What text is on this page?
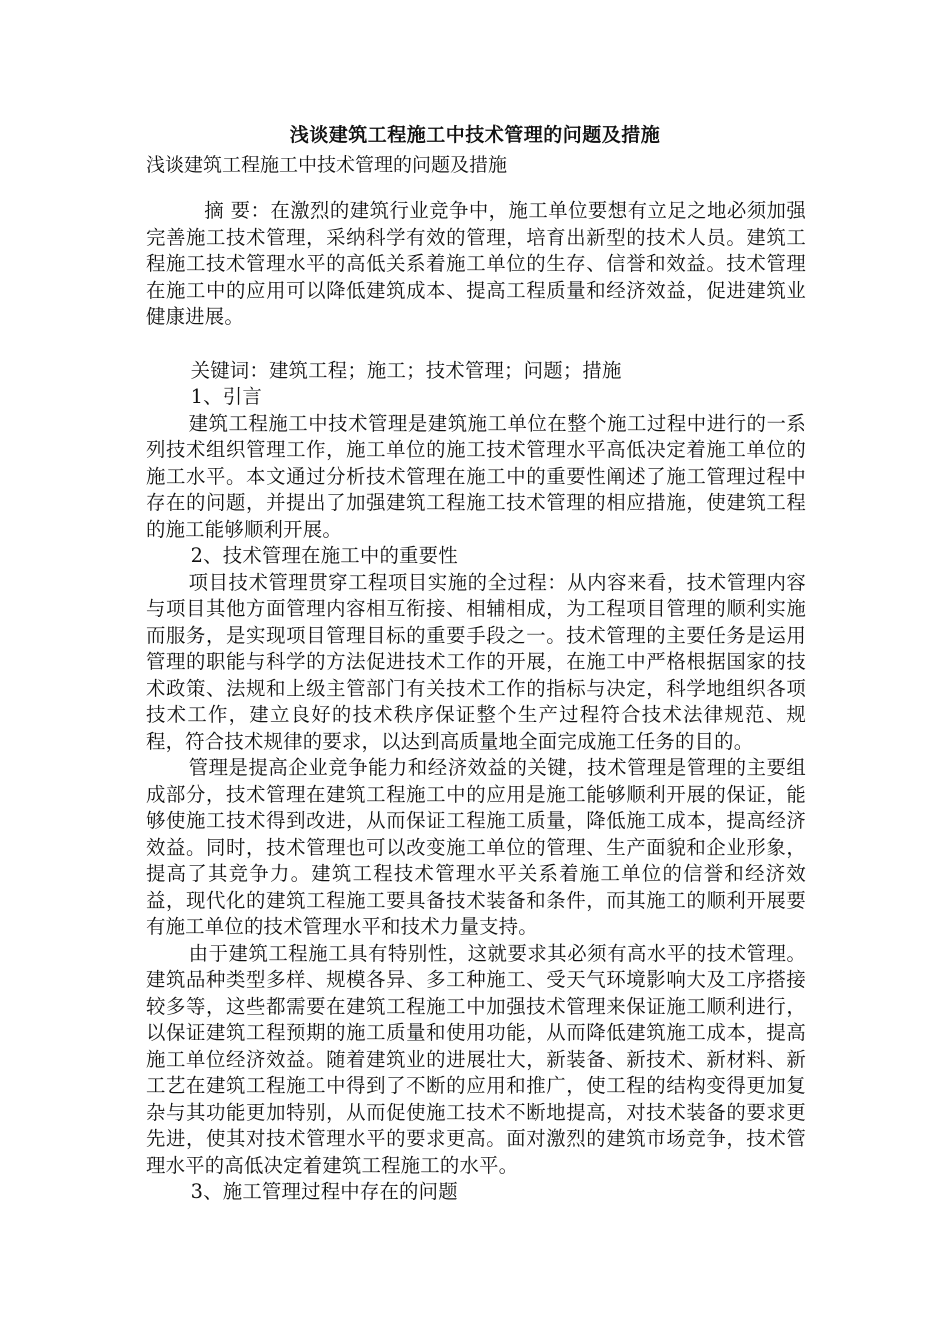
浅谈建筑工程施工中技术管理的问题及措施
浅谈建筑工程施工中技术管理的问题及措施

摘 要：在激烈的建筑行业竞争中，施工单位要想有立足之地必须加强完善施工技术管理，采纳科学有效的管理，培育出新型的技术人员。建筑工程施工技术管理水平的高低关系着施工单位的生存、信誉和效益。技术管理在施工中的应用可以降低建筑成本、提高工程质量和经济效益，促进建筑业健康进展。

关键词：建筑工程；施工；技术管理；问题；措施

1、引言

建筑工程施工中技术管理是建筑施工单位在整个施工过程中进行的一系列技术组织管理工作，施工单位的施工技术管理水平高低决定着施工单位的施工水平。本文通过分析技术管理在施工中的重要性阐述了施工管理过程中存在的问题，并提出了加强建筑工程施工技术管理的相应措施，使建筑工程的施工能够顺利开展。

2、技术管理在施工中的重要性

项目技术管理贯穿工程项目实施的全过程：从内容来看，技术管理内容与项目其他方面管理内容相互衔接、相辅相成，为工程项目管理的顺利实施而服务，是实现项目管理目标的重要手段之一。技术管理的主要任务是运用管理的职能与科学的方法促进技术工作的开展，在施工中严格根据国家的技术政策、法规和上级主管部门有关技术工作的指标与决定，科学地组织各项技术工作，建立良好的技术秩序保证整个生产过程符合技术法律规范、规程，符合技术规律的要求，以达到高质量地全面完成施工任务的目的。

管理是提高企业竞争能力和经济效益的关键，技术管理是管理的主要组成部分，技术管理在建筑工程施工中的应用是施工能够顺利开展的保证，能够使施工技术得到改进，从而保证工程施工质量，降低施工成本，提高经济效益。同时，技术管理也可以改变施工单位的管理、生产面貌和企业形象，提高了其竞争力。建筑工程技术管理水平关系着施工单位的信誉和经济效益，现代化的建筑工程施工要具备技术装备和条件，而其施工的顺利开展要有施工单位的技术管理水平和技术力量支持。

由于建筑工程施工具有特别性，这就要求其必须有高水平的技术管理。建筑品种类型多样、规模各异、多工种施工、受天气环境影响大及工序搭接较多等，这些都需要在建筑工程施工中加强技术管理来保证施工顺利进行，以保证建筑工程预期的施工质量和使用功能，从而降低建筑施工成本，提高施工单位经济效益。随着建筑业的进展壮大，新装备、新技术、新材料、新工艺在建筑工程施工中得到了不断的应用和推广，使工程的结构变得更加复杂与其功能更加特别，从而促使施工技术不断地提高，对技术装备的要求更先进，使其对技术管理水平的要求更高。面对激烈的建筑市场竞争，技术管理水平的高低决定着建筑工程施工的水平。

3、施工管理过程中存在的问题
